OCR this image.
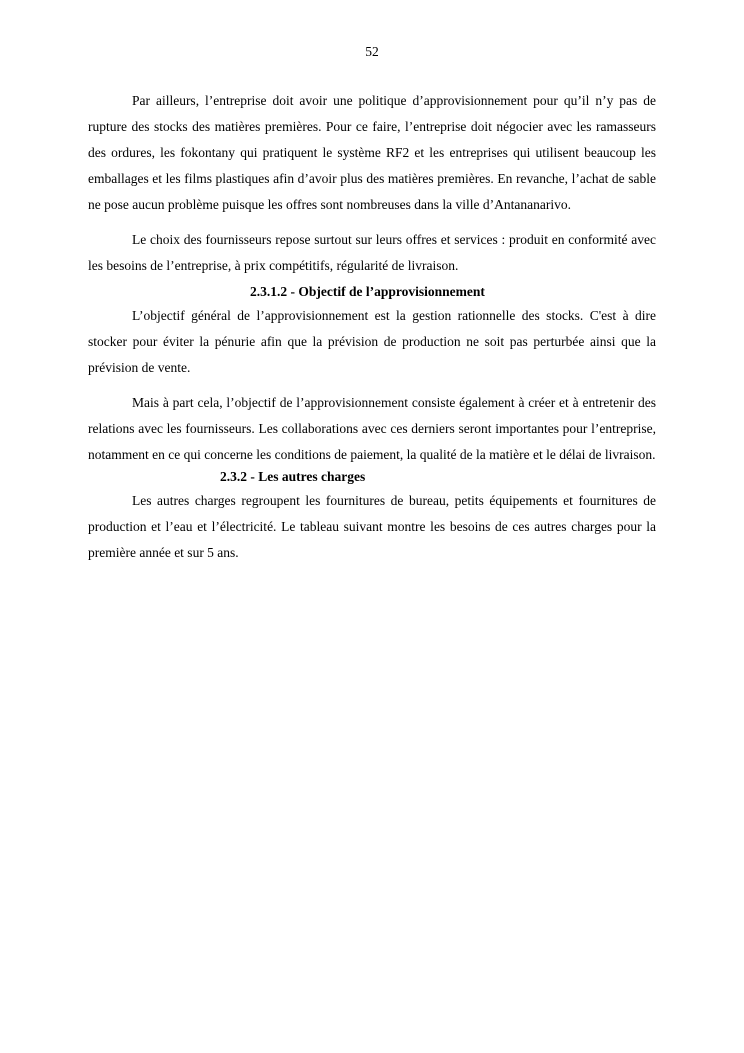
52

Par ailleurs, l’entreprise doit avoir une politique d’approvisionnement pour qu’il n’y pas de rupture des stocks des matières premières. Pour ce faire, l’entreprise doit négocier avec les ramasseurs des ordures, les fokontany qui pratiquent le système RF2 et les entreprises qui utilisent beaucoup les emballages et les films plastiques afin d’avoir plus des matières premières. En revanche, l’achat de sable ne pose aucun problème puisque les offres sont nombreuses dans la ville d’Antananarivo.

Le choix des fournisseurs repose surtout sur leurs offres et services : produit en conformité avec les besoins de l’entreprise, à prix compétitifs, régularité de livraison.

2.3.1.2 - Objectif de l’approvisionnement

L’objectif général de l’approvisionnement est la gestion rationnelle des stocks. C'est à dire stocker pour éviter la pénurie afin que la prévision de production ne soit pas perturbée ainsi que la prévision de vente.

Mais à part cela, l’objectif de l’approvisionnement consiste également à créer et à entretenir des relations avec les fournisseurs. Les collaborations avec ces derniers seront importantes pour l’entreprise, notamment en ce qui concerne les conditions de paiement, la qualité de la matière et le délai de livraison.

2.3.2 - Les autres charges

Les autres charges regroupent les fournitures de bureau, petits équipements et fournitures de production et l’eau et l’électricité. Le tableau suivant montre les besoins de ces autres charges pour la première année et sur 5 ans.
